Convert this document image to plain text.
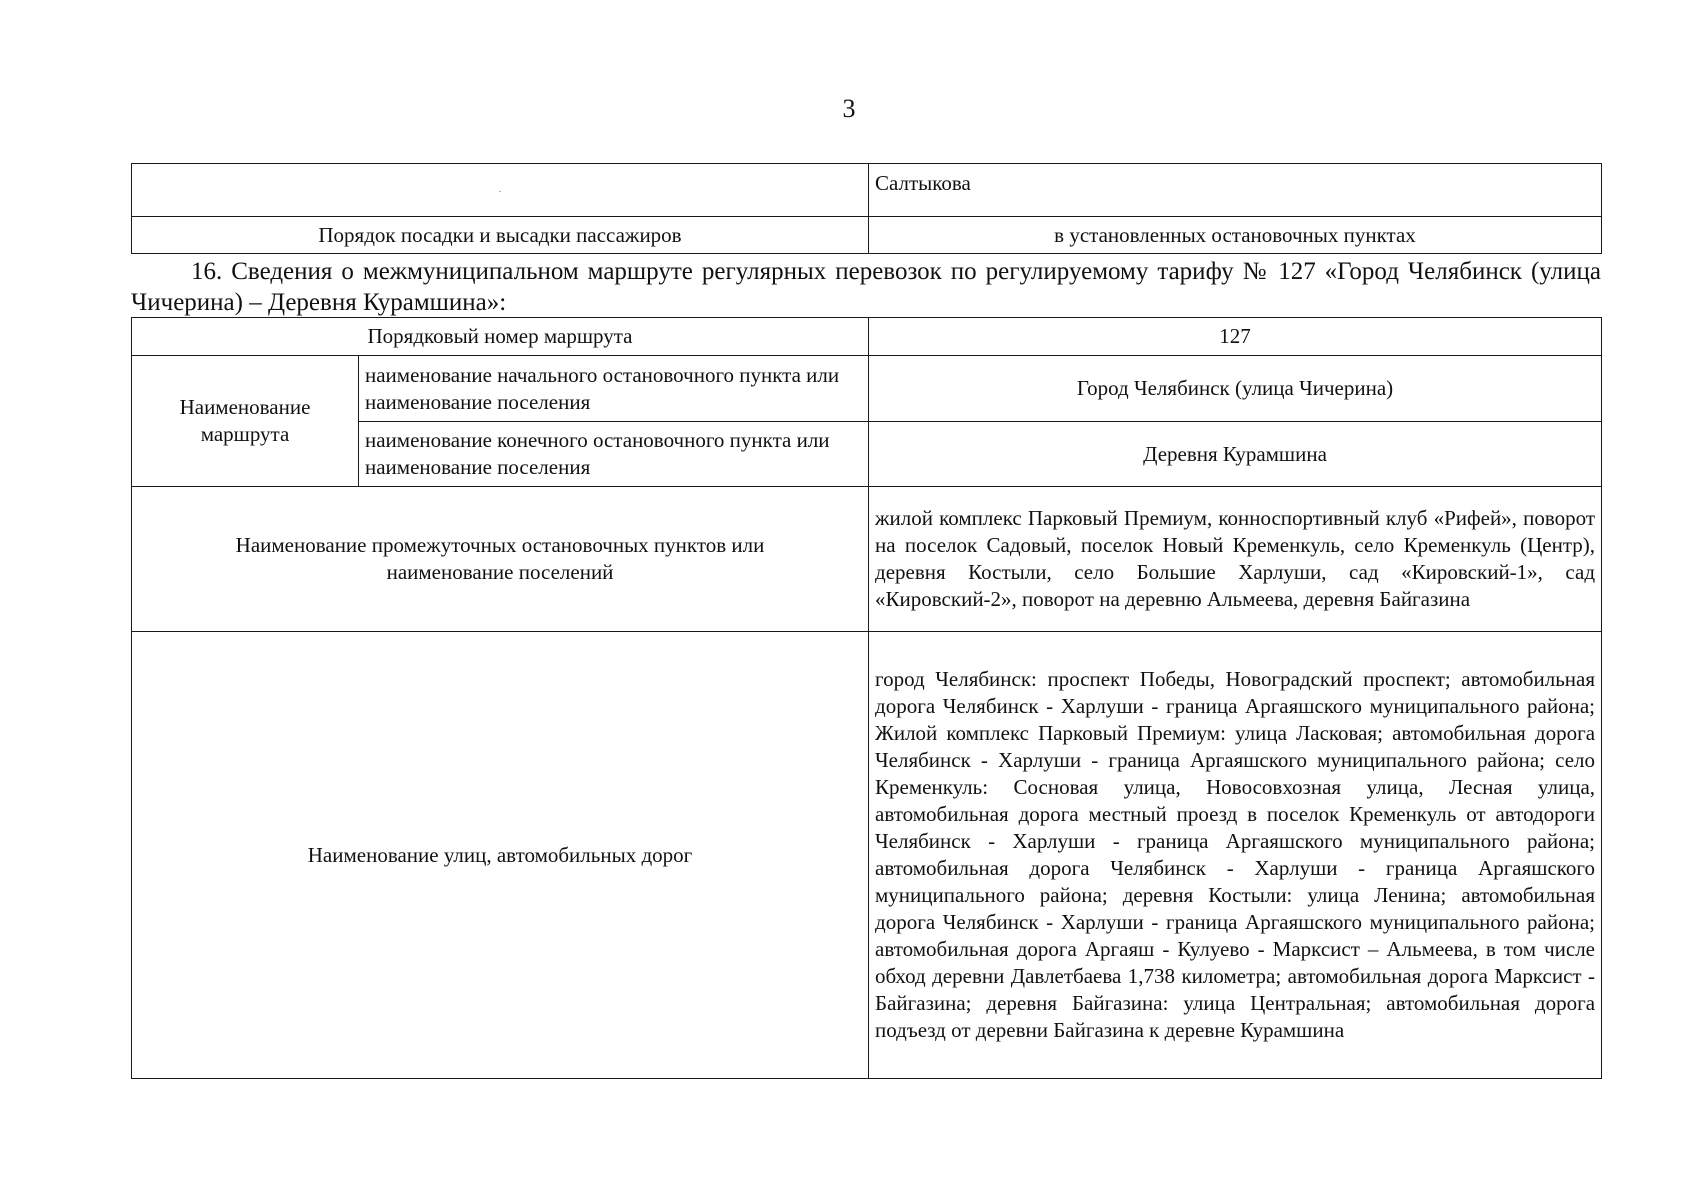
3
·	Салтыкова
Порядок посадки и высадки пассажиров	в установленных остановочных пунктах
16. Сведения о межмуниципальном маршруте регулярных перевозок по регулируемому тарифу № 127 «Город Челябинск (улица Чичерина) – Деревня Курамшина»:
Порядковый номер маршрута		127
Наименование маршрута	наименование начального остановочного пункта или наименование поселения	Город Челябинск (улица Чичерина)
	наименование конечного остановочного пункта или наименование поселения	Деревня Курамшина
Наименование промежуточных остановочных пунктов или наименование поселений		жилой комплекс Парковый Премиум, конноспортивный клуб «Рифей», поворот на поселок Садовый, поселок Новый Кременкуль, село Кременкуль (Центр), деревня Костыли, село Большие Харлуши, сад «Кировский-1», сад «Кировский-2», поворот на деревню Альмеева, деревня Байгазина
Наименование улиц, автомобильных дорог		город Челябинск: проспект Победы, Новоградский проспект; автомобильная дорога Челябинск - Харлуши - граница Аргаяшского муниципального района; Жилой комплекс Парковый Премиум: улица Ласковая; автомобильная дорога Челябинск - Харлуши - граница Аргаяшского муниципального района; село Кременкуль: Сосновая улица, Новосовхозная улица, Лесная улица, автомобильная дорога местный проезд в поселок Кременкуль от автодороги Челябинск - Харлуши - граница Аргаяшского муниципального района; автомобильная дорога Челябинск - Харлуши - граница Аргаяшского муниципального района; деревня Костыли: улица Ленина; автомобильная дорога Челябинск - Харлуши - граница Аргаяшского муниципального района; автомобильная дорога Аргаяш - Кулуево - Марксист – Альмеева, в том числе обход деревни Давлетбаева 1,738 километра; автомобильная дорога Марксист - Байгазина; деревня Байгазина: улица Центральная; автомобильная дорога подъезд от деревни Байгазина к деревне Курамшина
